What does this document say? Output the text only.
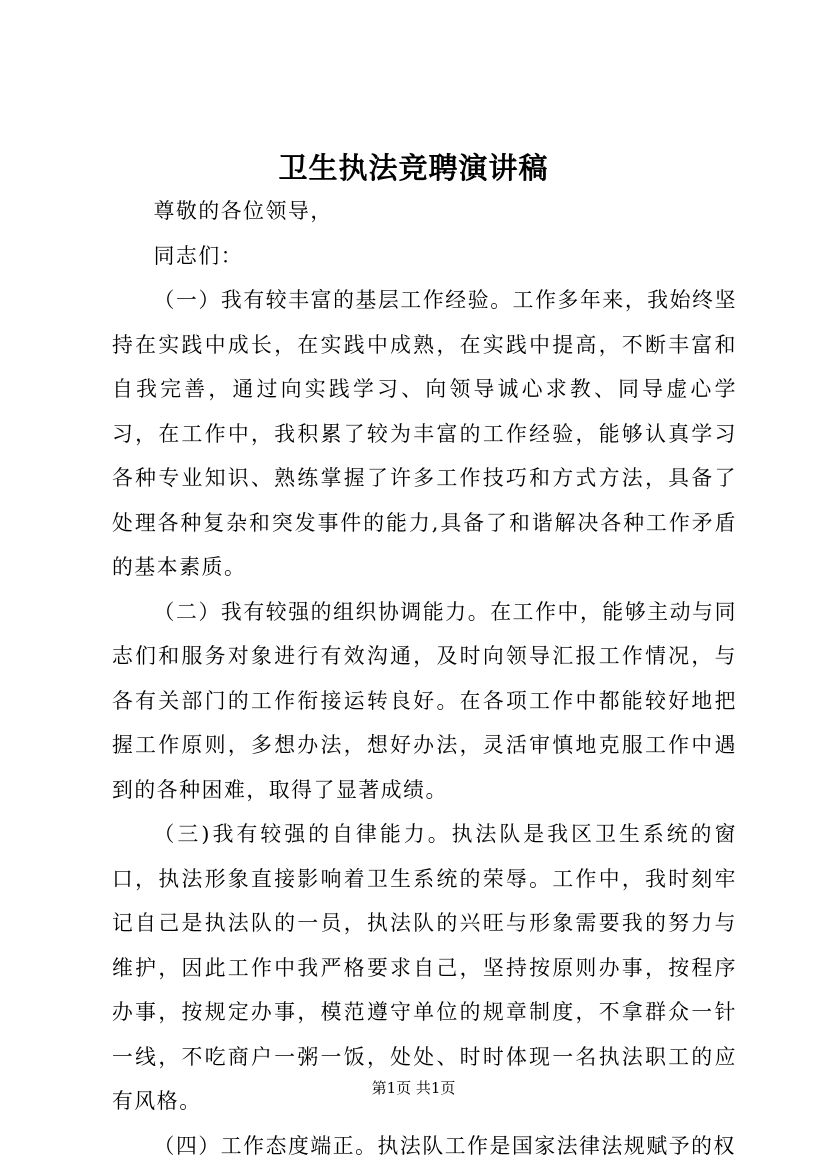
卫生执法竞聘演讲稿

尊敬的各位领导，

同志们：

（一）我有较丰富的基层工作经验。工作多年来，我始终坚持在实践中成长，在实践中成熟，在实践中提高，不断丰富和自我完善，通过向实践学习、向领导诚心求教、同导虚心学习，在工作中，我积累了较为丰富的工作经验，能够认真学习各种专业知识、熟练掌握了许多工作技巧和方式方法，具备了处理各种复杂和突发事件的能力,具备了和谐解决各种工作矛盾的基本素质。

（二）我有较强的组织协调能力。在工作中，能够主动与同志们和服务对象进行有效沟通，及时向领导汇报工作情况，与各有关部门的工作衔接运转良好。在各项工作中都能较好地把握工作原则，多想办法，想好办法，灵活审慎地克服工作中遇到的各种困难，取得了显著成绩。

（三)我有较强的自律能力。执法队是我区卫生系统的窗口，执法形象直接影响着卫生系统的荣辱。工作中，我时刻牢记自己是执法队的一员，执法队的兴旺与形象需要我的努力与维护，因此工作中我严格要求自己，坚持按原则办事，按程序办事，按规定办事，模范遵守单位的规章制度，不拿群众一针一线，不吃商户一粥一饭，处处、时时体现一名执法职工的应有风格。

（四）工作态度端正。执法队工作是国家法律法规赋予的权

第1页 共1页
